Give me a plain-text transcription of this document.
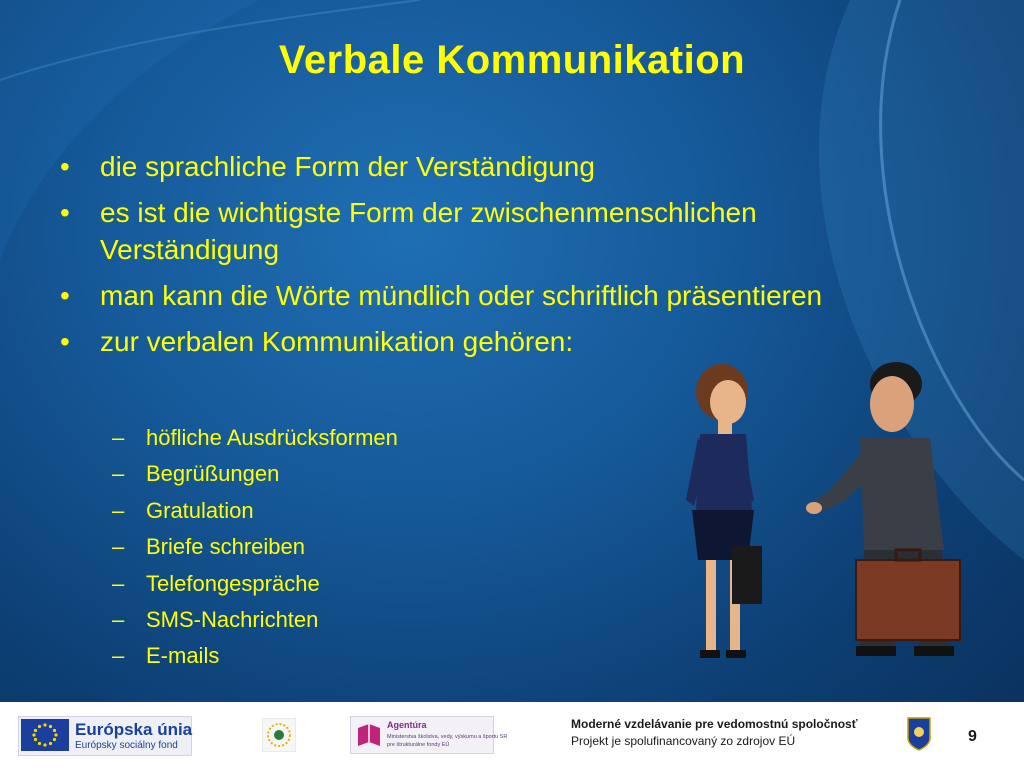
Verbale Kommunikation
• die sprachliche Form der Verständigung
• es ist die wichtigste Form der zwischenmenschlichen Verständigung
• man kann die Wörte mündlich oder schriftlich präsentieren
• zur verbalen Kommunikation gehören:
– höfliche Ausdrücksformen
– Begrüßungen
– Gratulation
– Briefe schreiben
– Telefongespräche
– SMS-Nachrichten
– E-mails
Európska únia
Európsky sociálny fond
Agentúra
Ministerstva školstva, vedy, výskumu a športu SR
pre štrukturálne fondy EÚ
Moderné vzdelávanie pre vedomostnú spoločnosť
Projekt je spolufinancovaný zo zdrojov EÚ	9
